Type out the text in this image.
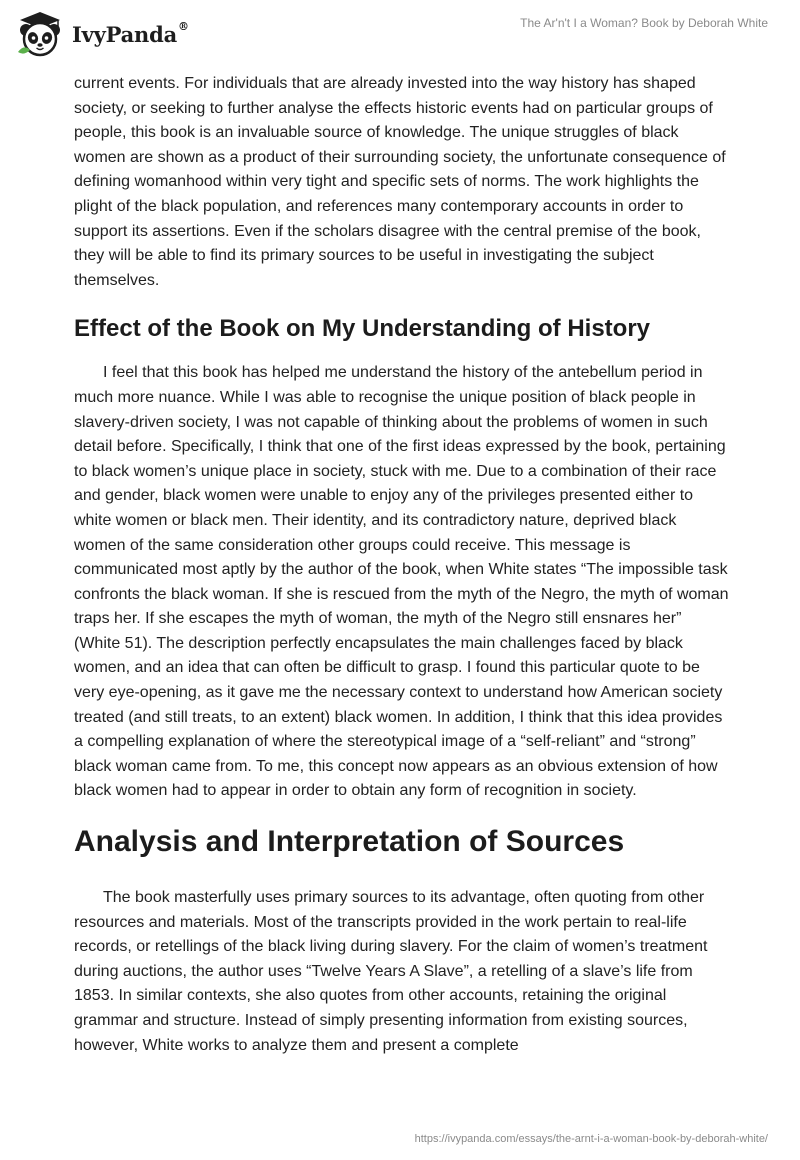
IvyPanda®	The Ar'n't I a Woman? Book by Deborah White

current events. For individuals that are already invested into the way history has shaped society, or seeking to further analyse the effects historic events had on particular groups of people, this book is an invaluable source of knowledge. The unique struggles of black women are shown as a product of their surrounding society, the unfortunate consequence of defining womanhood within very tight and specific sets of norms. The work highlights the plight of the black population, and references many contemporary accounts in order to support its assertions. Even if the scholars disagree with the central premise of the book, they will be able to find its primary sources to be useful in investigating the subject themselves.

Effect of the Book on My Understanding of History

I feel that this book has helped me understand the history of the antebellum period in much more nuance. While I was able to recognise the unique position of black people in slavery-driven society, I was not capable of thinking about the problems of women in such detail before. Specifically, I think that one of the first ideas expressed by the book, pertaining to black women’s unique place in society, stuck with me. Due to a combination of their race and gender, black women were unable to enjoy any of the privileges presented either to white women or black men. Their identity, and its contradictory nature, deprived black women of the same consideration other groups could receive. This message is communicated most aptly by the author of the book, when White states “The impossible task confronts the black woman. If she is rescued from the myth of the Negro, the myth of woman traps her. If she escapes the myth of woman, the myth of the Negro still ensnares her” (White 51). The description perfectly encapsulates the main challenges faced by black women, and an idea that can often be difficult to grasp. I found this particular quote to be very eye-opening, as it gave me the necessary context to understand how American society treated (and still treats, to an extent) black women. In addition, I think that this idea provides a compelling explanation of where the stereotypical image of a “self-reliant” and “strong” black woman came from. To me, this concept now appears as an obvious extension of how black women had to appear in order to obtain any form of recognition in society.

Analysis and Interpretation of Sources

The book masterfully uses primary sources to its advantage, often quoting from other resources and materials. Most of the transcripts provided in the work pertain to real-life records, or retellings of the black living during slavery. For the claim of women’s treatment during auctions, the author uses “Twelve Years A Slave”, a retelling of a slave’s life from 1853. In similar contexts, she also quotes from other accounts, retaining the original grammar and structure. Instead of simply presenting information from existing sources, however, White works to analyze them and present a complete

https://ivypanda.com/essays/the-arnt-i-a-woman-book-by-deborah-white/
